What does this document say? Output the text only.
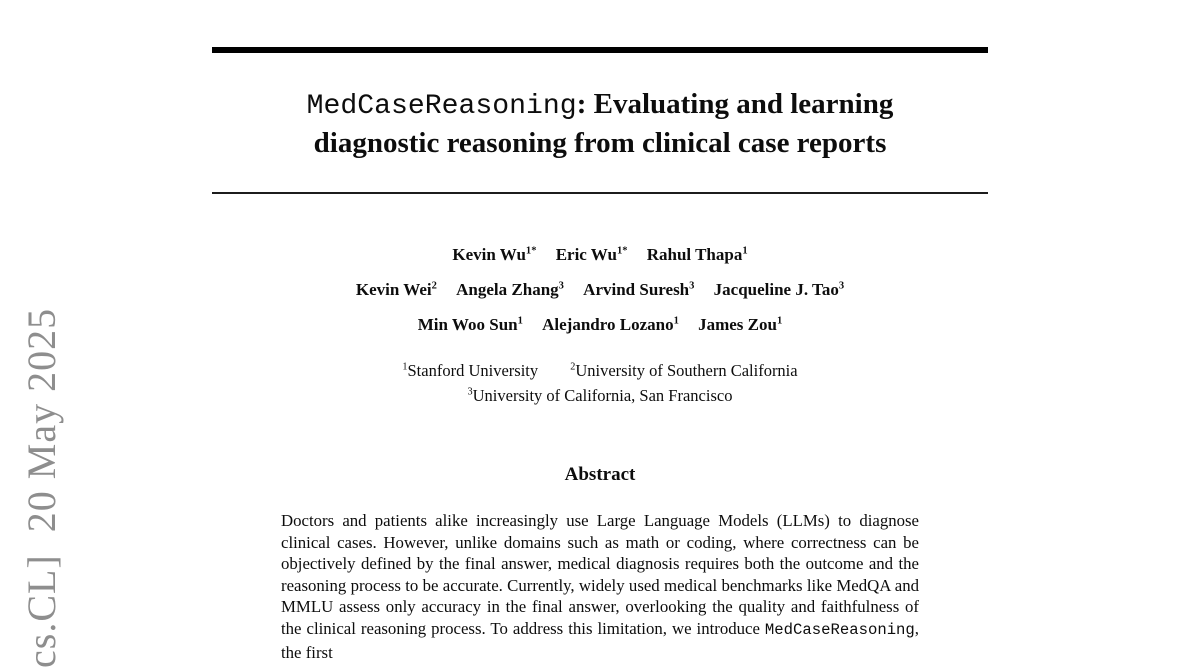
cs.CL]  20 May 2025
MedCaseReasoning: Evaluating and learning
diagnostic reasoning from clinical case reports
Kevin $Wu^{1*}$ Eric $Wu^{1*}$ Rahul Thapa$^1$
Kevin Wei$^2$ Angela Zhang$^3$ Arvind Suresh$^3$ Jacqueline J. Tao$^3$
Min Woo Sun$^1$ Alejandro Lozano$^1$ James Zou$^1$
$^1$Stanford University	$^2$University of Southern California
$^3$University of California, San Francisco
Abstract

Doctors and patients alike increasingly use Large Language Models (LLMs) to diagnose clinical cases. However, unlike domains such as math or coding, where correctness can be objectively defined by the final answer, medical diagnosis requires both the outcome and the reasoning process to be accurate. Currently, widely used medical benchmarks like MedQA and MMLU assess only accuracy in the final answer, overlooking the quality and faithfulness of the clinical reasoning process. To address this limitation, we introduce MedCaseReasoning, the first
